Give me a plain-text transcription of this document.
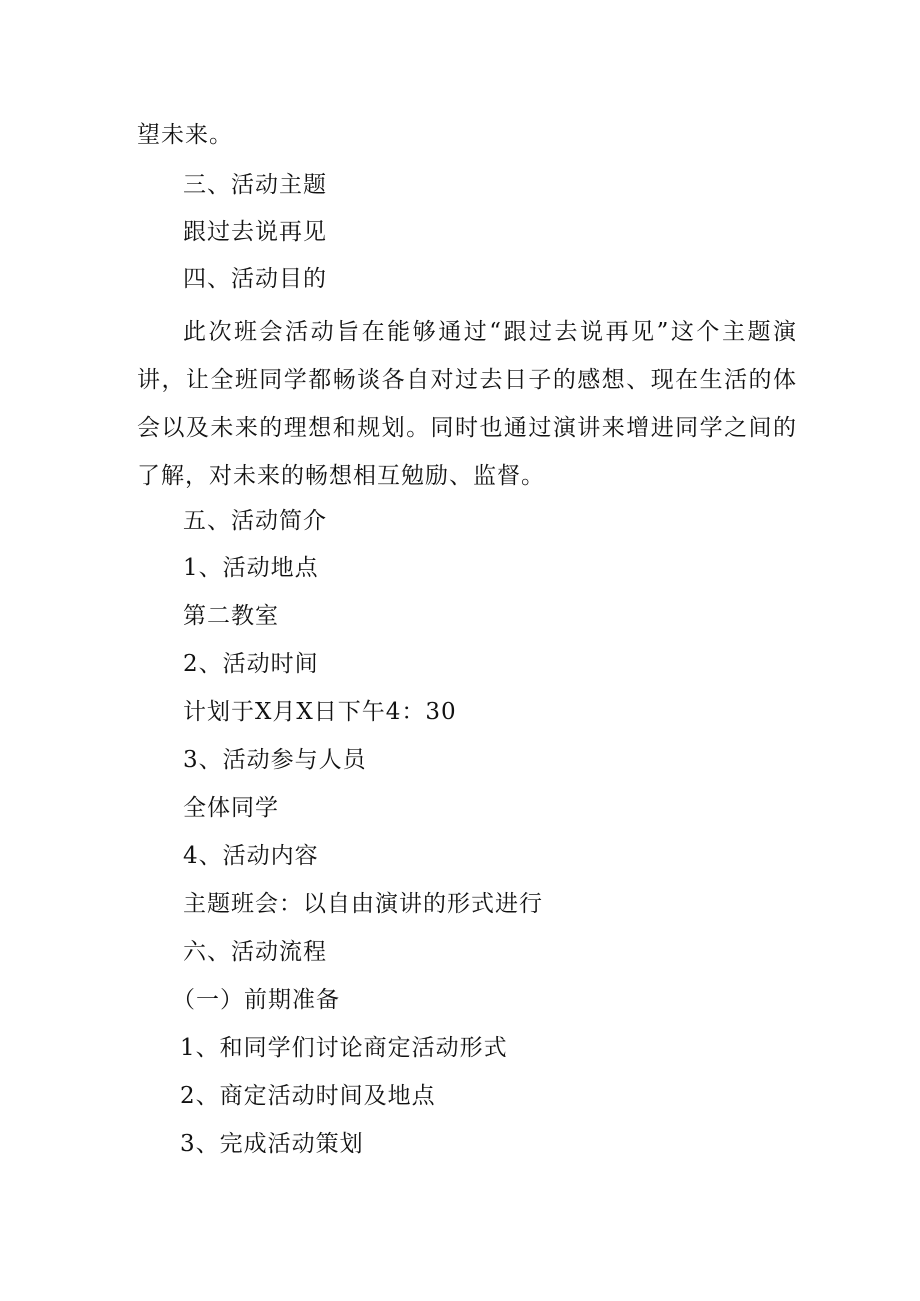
望未来。
三、活动主题
跟过去说再见
四、活动目的
此次班会活动旨在能够通过“跟过去说再见”这个主题演讲，让全班同学都畅谈各自对过去日子的感想、现在生活的体会以及未来的理想和规划。同时也通过演讲来增进同学之间的了解，对未来的畅想相互勉励、监督。
五、活动简介
1、活动地点
第二教室
2、活动时间
计划于X月X日下午4：30
3、活动参与人员
全体同学
4、活动内容
主题班会：以自由演讲的形式进行
六、活动流程
（一）前期准备
1、和同学们讨论商定活动形式
2、商定活动时间及地点
3、完成活动策划
